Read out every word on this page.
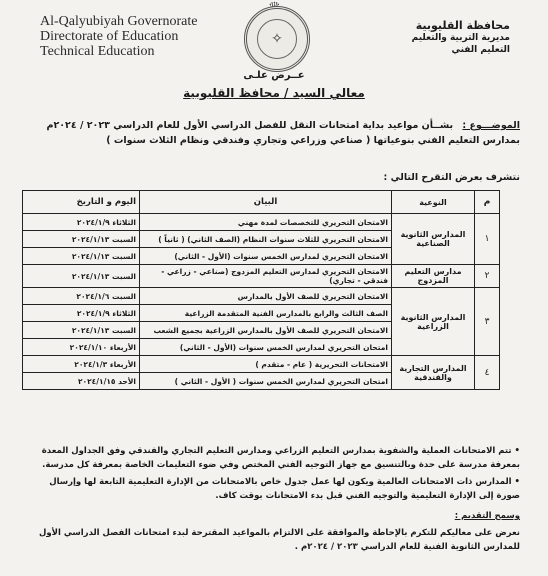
Al-Qalyubiyah Governorate
Directorate of Education
Technical Education
✧
محافظة القليوبية
مديرية التربية والتعليم
التعليم الفني
عــرض علـى
معالي السيد / محافظ القليوبية
الموضـــوع : بشــأن مواعيد بداية امتحانات النقل للفصل الدراسي الأول للعام الدراسي ٢٠٢٣ / ٢٠٢٤م بمدارس التعليم الفني بنوعياتها ( صناعي وزراعي وتجاري وفندقي ونظام الثلاث سنوات )
نتشرف بعرض التقرح التالي :
م	النوعية	البيان	اليوم و التاريخ
١	المدارس الثانوية الصناعية	الامتحان التحريري للتخصصات لمدة مهني	الثلاثاء ٢٠٢٤/١/٩
		الامتحان التحريري للثلاث سنوات النظام (الصف الثاني) ( ثانياً )	السبت ٢٠٢٤/١/١٣
		الامتحان التحريري لمدارس الخمس سنوات (الأول - الثاني)	السبت ٢٠٢٤/١/١٣
٢	مدارس التعليم المزدوج	الامتحان التحريري لمدارس التعليم المزدوج (صناعي - زراعي - فندقي - تجاري)	السبت ٢٠٢٤/١/١٣
٣	المدارس الثانوية الزراعية	الامتحان التحريري للصف الأول بالمدارس	السبت ٢٠٢٤/١/٦
		الصف الثالث والرابع بالمدارس الفنية المتقدمة الزراعية	الثلاثاء ٢٠٢٤/١/٩
		الامتحان التحريري للصف الأول بالمدارس الزراعية بجميع الشعب	السبت ٢٠٢٤/١/١٣
		امتحان التحريري لمدارس الخمس سنوات (الأول - الثاني)	الأربعاء ٢٠٢٤/١/١٠
٤	المدارس التجارية والفندقية	الامتحانات التحريرية ( عام - متقدم )	الأربعاء ٢٠٢٤/١/٣
		امتحان التحريري لمدارس الخمس سنوات ( الأول - الثاني )	الأحد ٢٠٢٤/١/١٥

• تتم الامتحانات العملية والشفوية بمدارس التعليم الزراعي ومدارس التعليم التجاري والفندقي وفق الجداول المعدة بمعرفة مدرسة على حدة وبالتنسيق مع جهاز التوجيه الفني المختص وفي ضوء التعليمات الخاصة بمعرفة كل مدرسة.

• المدارس ذات الامتحانات العالمية ويكون لها عمل جدول خاص بالامتحانات من الإدارة التعليمية التابعة لها وإرسال صورة إلى الإدارة التعليمية والتوجيه الفني قبل بدء الامتحانات بوقت كاف.

وسمح التقديم :

نعرض على معاليكم للتكرم بالإحاطة والموافقة على الالتزام بالمواعيد المقترحة لبدء امتحانات الفصل الدراسي الأول للمدارس الثانوية الفنية للعام الدراسي ٢٠٢٣ / ٢٠٢٤م .
